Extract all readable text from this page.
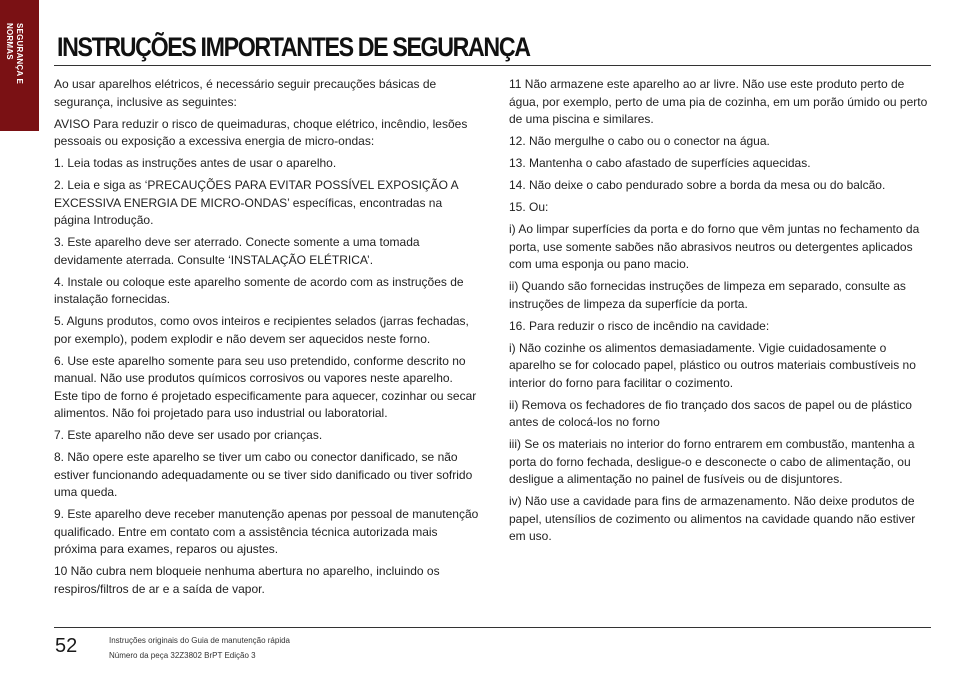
SEGURANÇA E
NORMAS	INSTRUÇÕES IMPORTANTES DE SEGURANÇA

Ao usar aparelhos elétricos, é necessário seguir precauções básicas de segurança, inclusive as seguintes:

AVISO Para reduzir o risco de queimaduras, choque elétrico, incêndio, lesões pessoais ou exposição a excessiva energia de micro-ondas:

1. Leia todas as instruções antes de usar o aparelho.

2. Leia e siga as ‘PRECAUÇÕES PARA EVITAR POSSÍVEL EXPOSIÇÃO A EXCESSIVA ENERGIA DE MICRO-ONDAS’ específicas, encontradas na página Introdução.

3. Este aparelho deve ser aterrado. Conecte somente a uma tomada devidamente aterrada. Consulte ‘INSTALAÇÃO ELÉTRICA’.

4. Instale ou coloque este aparelho somente de acordo com as instruções de instalação fornecidas.

5. Alguns produtos, como ovos inteiros e recipientes selados (jarras fechadas, por exemplo), podem explodir e não devem ser aquecidos neste forno.

6. Use este aparelho somente para seu uso pretendido, conforme descrito no manual. Não use produtos químicos corrosivos ou vapores neste aparelho. Este tipo de forno é projetado especificamente para aquecer, cozinhar ou secar alimentos. Não foi projetado para uso industrial ou laboratorial.

7. Este aparelho não deve ser usado por crianças.

8. Não opere este aparelho se tiver um cabo ou conector danificado, se não estiver funcionando adequadamente ou se tiver sido danificado ou tiver sofrido uma queda.

9. Este aparelho deve receber manutenção apenas por pessoal de manutenção qualificado. Entre em contato com a assistência técnica autorizada mais próxima para exames, reparos ou ajustes.

10 Não cubra nem bloqueie nenhuma abertura no aparelho, incluindo os respiros/filtros de ar e a saída de vapor.

11 Não armazene este aparelho ao ar livre. Não use este produto perto de água, por exemplo, perto de uma pia de cozinha, em um porão úmido ou perto de uma piscina e similares.

12. Não mergulhe o cabo ou o conector na água.

13. Mantenha o cabo afastado de superfícies aquecidas.

14. Não deixe o cabo pendurado sobre a borda da mesa ou do balcão.

15. Ou:

i) Ao limpar superfícies da porta e do forno que vêm juntas no fechamento da porta, use somente sabões não abrasivos neutros ou detergentes aplicados com uma esponja ou pano macio.

ii) Quando são fornecidas instruções de limpeza em separado, consulte as instruções de limpeza da superfície da porta.

16. Para reduzir o risco de incêndio na cavidade:

i) Não cozinhe os alimentos demasiadamente. Vigie cuidadosamente o aparelho se for colocado papel, plástico ou outros materiais combustíveis no interior do forno para facilitar o cozimento.

ii) Remova os fechadores de fio trançado dos sacos de papel ou de plástico antes de colocá-los no forno

iii) Se os materiais no interior do forno entrarem em combustão, mantenha a porta do forno fechada, desligue-o e desconecte o cabo de alimentação, ou desligue a alimentação no painel de fusíveis ou de disjuntores.

iv) Não use a cavidade para fins de armazenamento. Não deixe produtos de papel, utensílios de cozimento ou alimentos na cavidade quando não estiver em uso.

52	Instruções originais do Guia de manutenção rápida
Número da peça 32Z3802 BrPT Edição 3
